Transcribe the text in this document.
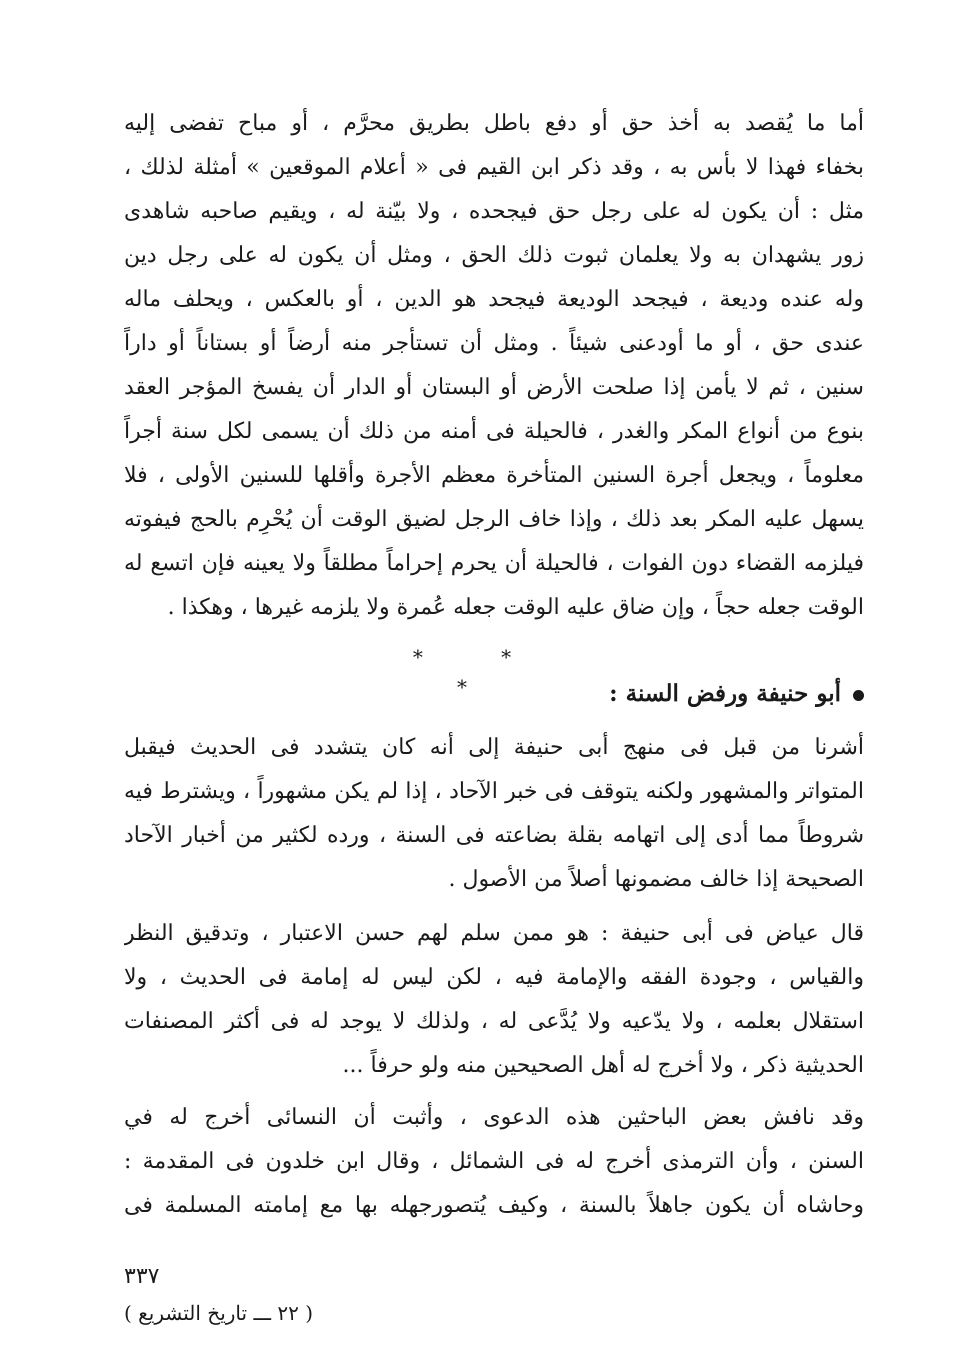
أما ما يُقصد به أخذ حق أو دفع باطل بطريق محرَّم ، أو مباح تفضى إليه
بخفاء فهذا لا بأس به ، وقد ذكر ابن القيم فى « أعلام الموقعين » أمثلة لذلك ،
مثل : أن يكون له على رجل حق فيجحده ، ولا بيّنة له ، ويقيم صاحبه شاهدى
زور يشهدان به ولا يعلمان ثبوت ذلك الحق ، ومثل أن يكون له على رجل دين
وله عنده وديعة ، فيجحد الوديعة فيجحد هو الدين ، أو بالعكس ، ويحلف ماله
عندى حق ، أو ما أودعنى شيئاً . ومثل أن تستأجر منه أرضاً أو بستاناً أو داراً
سنين ، ثم لا يأمن إذا صلحت الأرض أو البستان أو الدار أن يفسخ المؤجر العقد
بنوع من أنواع المكر والغدر ، فالحيلة فى أمنه من ذلك أن يسمى لكل سنة أجراً
معلوماً ، ويجعل أجرة السنين المتأخرة معظم الأجرة وأقلها للسنين الأولى ، فلا
يسهل عليه المكر بعد ذلك ، وإذا خاف الرجل لضيق الوقت أن يُحْرِم بالحج فيفوته
فيلزمه القضاء دون الفوات ، فالحيلة أن يحرم إحراماً مطلقاً ولا يعينه فإن اتسع له
الوقت جعله حجاً ، وإن ضاق عليه الوقت جعله عُمرة ولا يلزمه غيرها ، وهكذا .
* * *	أبو حنيفة ورفض السنة :
أشرنا من قبل فى منهج أبى حنيفة إلى أنه كان يتشدد فى الحديث فيقبل
المتواتر والمشهور ولكنه يتوقف فى خبر الآحاد ، إذا لم يكن مشهوراً ، ويشترط فيه
شروطاً مما أدى إلى اتهامه بقلة بضاعته فى السنة ، ورده لكثير من أخبار الآحاد
الصحيحة إذا خالف مضمونها أصلاً من الأصول .
قال عياض فى أبى حنيفة : هو ممن سلم لهم حسن الاعتبار ، وتدقيق النظر
والقياس ، وجودة الفقه والإمامة فيه ، لكن ليس له إمامة فى الحديث ، ولا
استقلال بعلمه ، ولا يدّعيه ولا يُدَّعى له ، ولذلك لا يوجد له فى أكثر المصنفات
الحديثية ذكر ، ولا أخرج له أهل الصحيحين منه ولو حرفاً ...
وقد نافش بعض الباحثين هذه الدعوى ، وأثبت أن النسائى أخرج له في
السنن ، وأن الترمذى أخرج له فى الشمائل ، وقال ابن خلدون فى المقدمة :
وحاشاه أن يكون جاهلاً بالسنة ، وكيف يُتصورجهله بها مع إمامته المسلمة فى
٣٣٧
( ٢٢ ـــ تاريخ التشريع )
